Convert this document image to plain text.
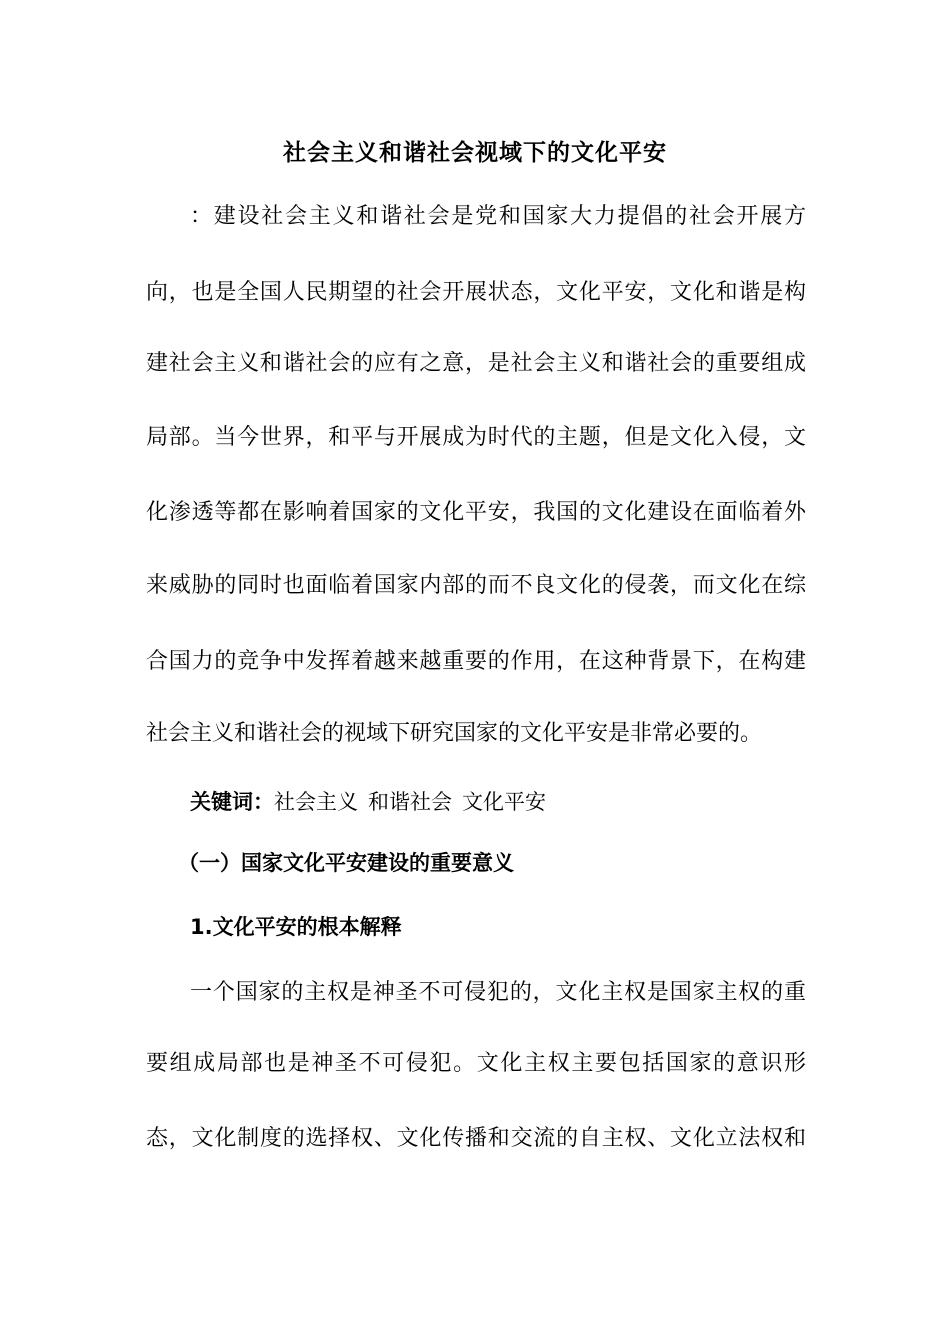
社会主义和谐社会视域下的文化平安
：建设社会主义和谐社会是党和国家大力提倡的社会开展方
向，也是全国人民期望的社会开展状态，文化平安，文化和谐是构
建社会主义和谐社会的应有之意，是社会主义和谐社会的重要组成
局部。当今世界，和平与开展成为时代的主题，但是文化入侵，文
化渗透等都在影响着国家的文化平安，我国的文化建设在面临着外
来威胁的同时也面临着国家内部的而不良文化的侵袭，而文化在综
合国力的竞争中发挥着越来越重要的作用，在这种背景下，在构建
社会主义和谐社会的视域下研究国家的文化平安是非常必要的。
关键词：社会主义 和谐社会 文化平安
（一）国家文化平安建设的重要意义
1.文化平安的根本解释
一个国家的主权是神圣不可侵犯的，文化主权是国家主权的重
要组成局部也是神圣不可侵犯。文化主权主要包括国家的意识形
态，文化制度的选择权、文化传播和交流的自主权、文化立法权和
